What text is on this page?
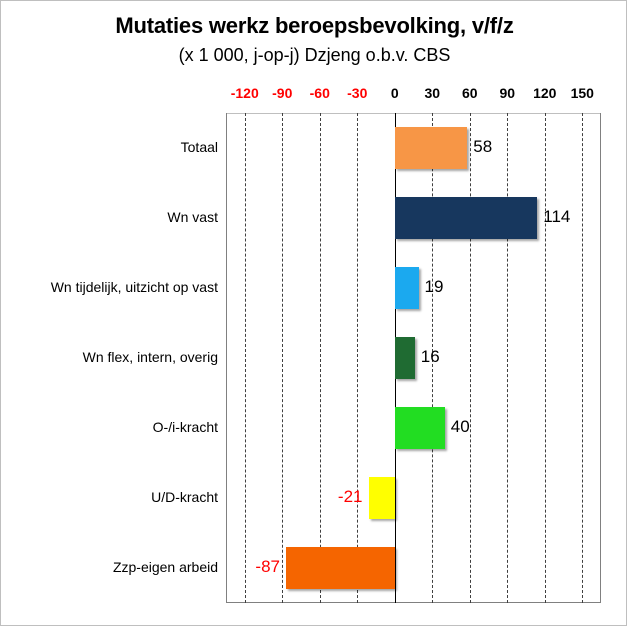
Mutaties werkz beroepsbevolking, v/f/z
(x 1 000, j-op-j) Dzjeng o.b.v. CBS
-120 -90	-60	-30	0	30	60	90	120	150
Totaal	58
Wn vast	114
Wn tijdelijk, uitzicht op vast	19
Wn flex, intern, overig	16
O-/i-kracht	40
U/D-kracht	-21
Zzp-eigen arbeid -87
